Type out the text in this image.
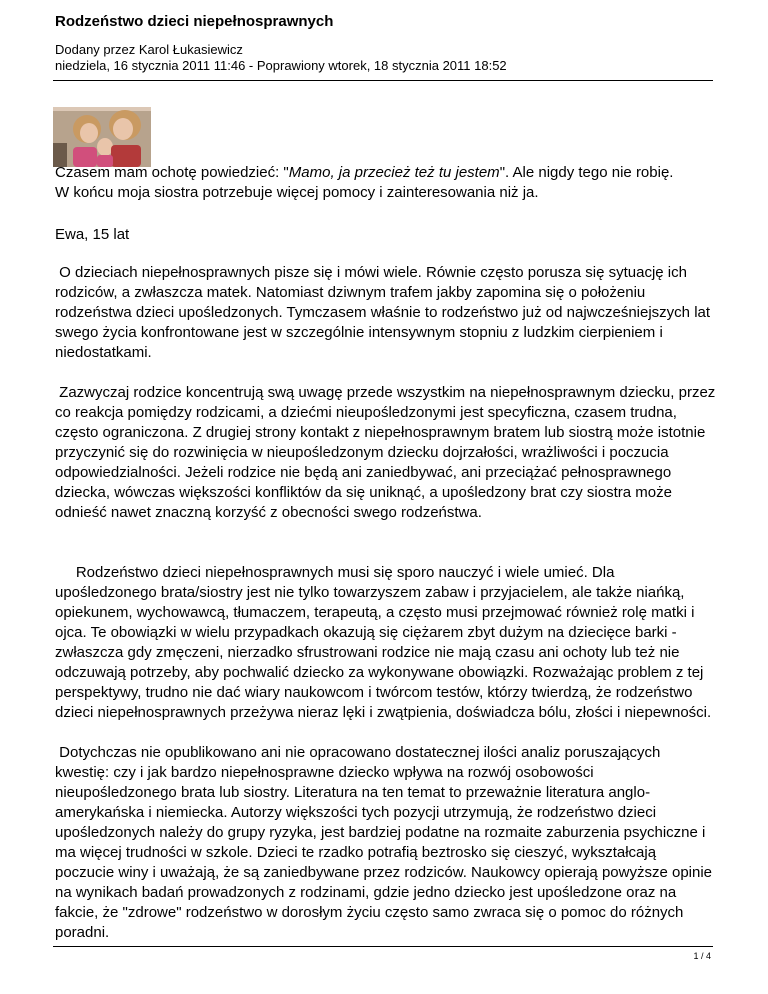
Rodzeństwo dzieci niepełnosprawnych
Dodany przez Karol Łukasiewicz
niedziela, 16 stycznia 2011 11:46 - Poprawiony wtorek, 18 stycznia 2011 18:52

Czasem mam ochotę powiedzieć: "Mamo, ja przecież też tu jestem". Ale nigdy tego nie robię.
W końcu moja siostra potrzebuje więcej pomocy i zainteresowania niż ja.

Ewa, 15 lat

O dzieciach niepełnosprawnych pisze się i mówi wiele. Równie często porusza się sytuację ich rodziców, a zwłaszcza matek. Natomiast dziwnym trafem jakby zapomina się o położeniu rodzeństwa dzieci upośledzonych. Tymczasem właśnie to rodzeństwo już od najwcześniejszych lat swego życia konfrontowane jest w szczególnie intensywnym stopniu z ludzkim cierpieniem i niedostatkami.

Zazwyczaj rodzice koncentrują swą uwagę przede wszystkim na niepełnosprawnym dziecku, przez co reakcja pomiędzy rodzicami, a dziećmi nieupośledzonymi jest specyficzna, czasem trudna, często ograniczona. Z drugiej strony kontakt z niepełnosprawnym bratem lub siostrą może istotnie przyczynić się do rozwinięcia w nieupośledzonym dziecku dojrzałości, wrażliwości i poczucia odpowiedzialności. Jeżeli rodzice nie będą ani zaniedbywać, ani przeciążać pełnosprawnego dziecka, wówczas większości konfliktów da się uniknąć, a upośledzony brat czy siostra może odnieść nawet znaczną korzyść z obecności swego rodzeństwa.

Rodzeństwo dzieci niepełnosprawnych musi się sporo nauczyć i wiele umieć. Dla upośledzonego brata/siostry jest nie tylko towarzyszem zabaw i przyjacielem, ale także niańką, opiekunem, wychowawcą, tłumaczem, terapeutą, a często musi przejmować również rolę matki i ojca. Te obowiązki w wielu przypadkach okazują się ciężarem zbyt dużym na dziecięce barki - zwłaszcza gdy zmęczeni, nierzadko sfrustrowani rodzice nie mają czasu ani ochoty lub też nie odczuwają potrzeby, aby pochwalić dziecko za wykonywane obowiązki. Rozważając problem z tej perspektywy, trudno nie dać wiary naukowcom i twórcom testów, którzy twierdzą, że rodzeństwo dzieci niepełnosprawnych przeżywa nieraz lęki i zwątpienia, doświadcza bólu, złości i niepewności.

Dotychczas nie opublikowano ani nie opracowano dostatecznej ilości analiz poruszających kwestię: czy i jak bardzo niepełnosprawne dziecko wpływa na rozwój osobowości nieupośledzonego brata lub siostry. Literatura na ten temat to przeważnie literatura anglo-amerykańska i niemiecka. Autorzy większości tych pozycji utrzymują, że rodzeństwo dzieci upośledzonych należy do grupy ryzyka, jest bardziej podatne na rozmaite zaburzenia psychiczne i ma więcej trudności w szkole. Dzieci te rzadko potrafią beztrosko się cieszyć, wykształcają poczucie winy i uważają, że są zaniedbywane przez rodziców. Naukowcy opierają powyższe opinie na wynikach badań prowadzonych z rodzinami, gdzie jedno dziecko jest upośledzone oraz na fakcie, że "zdrowe" rodzeństwo w dorosłym życiu często samo zwraca się o pomoc do różnych poradni.

1 / 4
